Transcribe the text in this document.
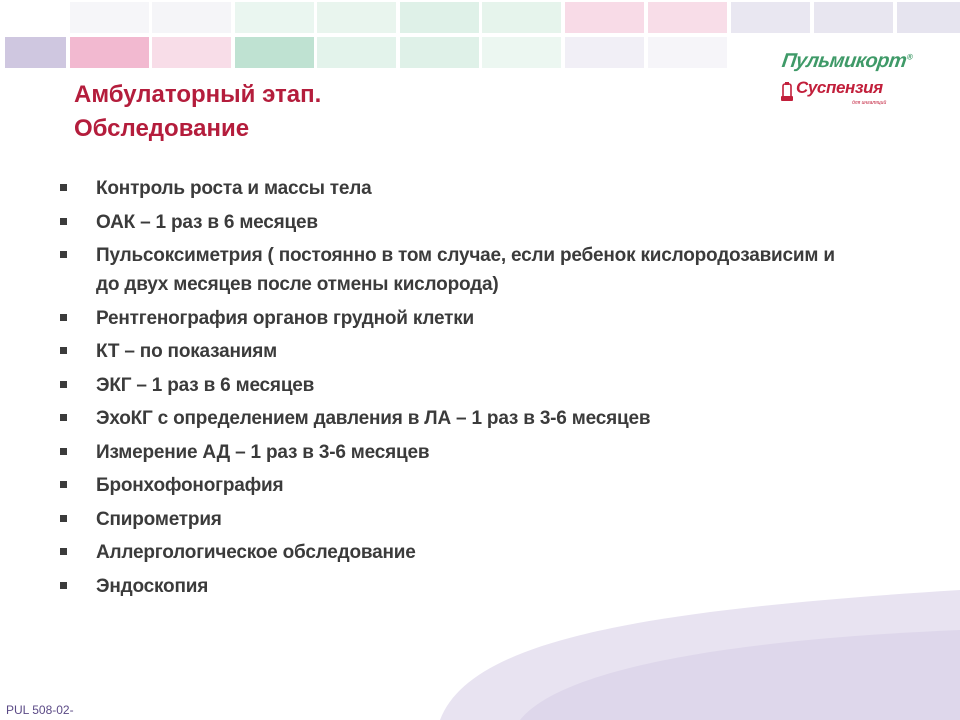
Пульмикорт®
Суспензия
для ингаляций
Амбулаторный этап.
Обследование
Контроль роста и массы тела
ОАК – 1 раз в 6 месяцев
Пульсоксиметрия ( постоянно в том случае, если ребенок кислородозависим и до двух месяцев после отмены кислорода)
Рентгенография органов грудной клетки
КТ – по показаниям
ЭКГ – 1 раз в 6 месяцев
ЭхоКГ с определением давления в ЛА – 1 раз в 3-6 месяцев
Измерение АД – 1 раз в 3-6 месяцев
Бронхофонография
Спирометрия
Аллергологическое обследование
Эндоскопия
PUL 508-02-
